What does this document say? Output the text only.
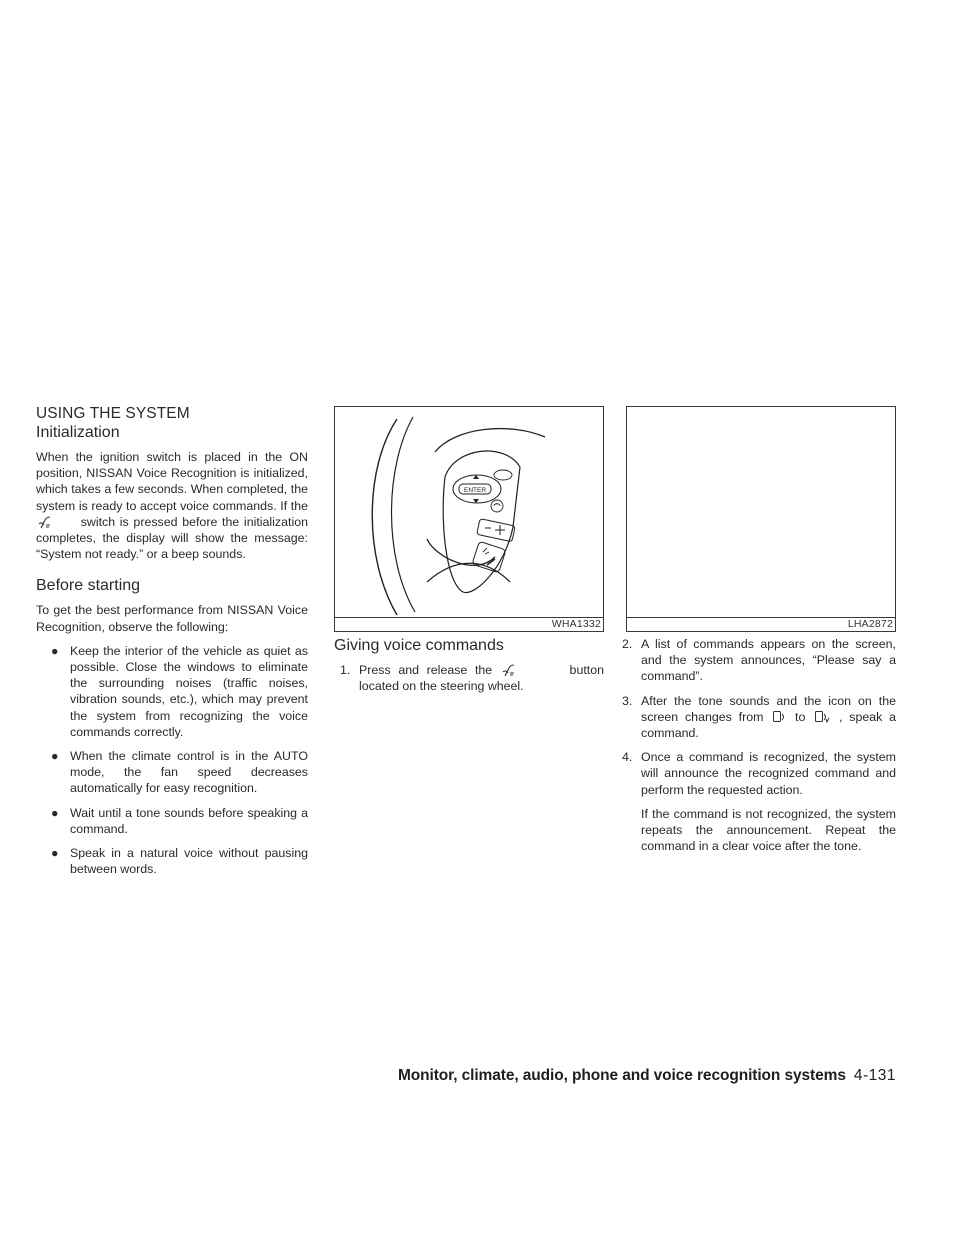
USING THE SYSTEM
Initialization

When the ignition switch is placed in the ON position, NISSAN Voice Recognition is initialized, which takes a few seconds. When completed, the system is ready to accept voice commands. If the  switch is pressed before the initialization completes, the display will show the message: “System not ready.” or a beep sounds.

Before starting

To get the best performance from NISSAN Voice Recognition, observe the following:

● Keep the interior of the vehicle as quiet as possible. Close the windows to eliminate the surrounding noises (traffic noises, vibration sounds, etc.), which may prevent the system from recognizing the voice commands correctly.
● When the climate control is in the AUTO mode, the fan speed decreases automatically for easy recognition.
● Wait until a tone sounds before speaking a command.
● Speak in a natural voice without pausing between words.
ENTER
WHA1332	LHA2872
Giving voice commands
1. Press and release the	button located on the steering wheel.

2. A list of commands appears on the screen, and the system announces, “Please say a command”.

3. After the tone sounds and the icon on the screen changes from	to	, speak a command.

4. Once a command is recognized, the system will announce the recognized command and perform the requested action.

If the command is not recognized, the system repeats the announcement. Repeat the command in a clear voice after the tone.

Monitor, climate, audio, phone and voice recognition systems 4-131
